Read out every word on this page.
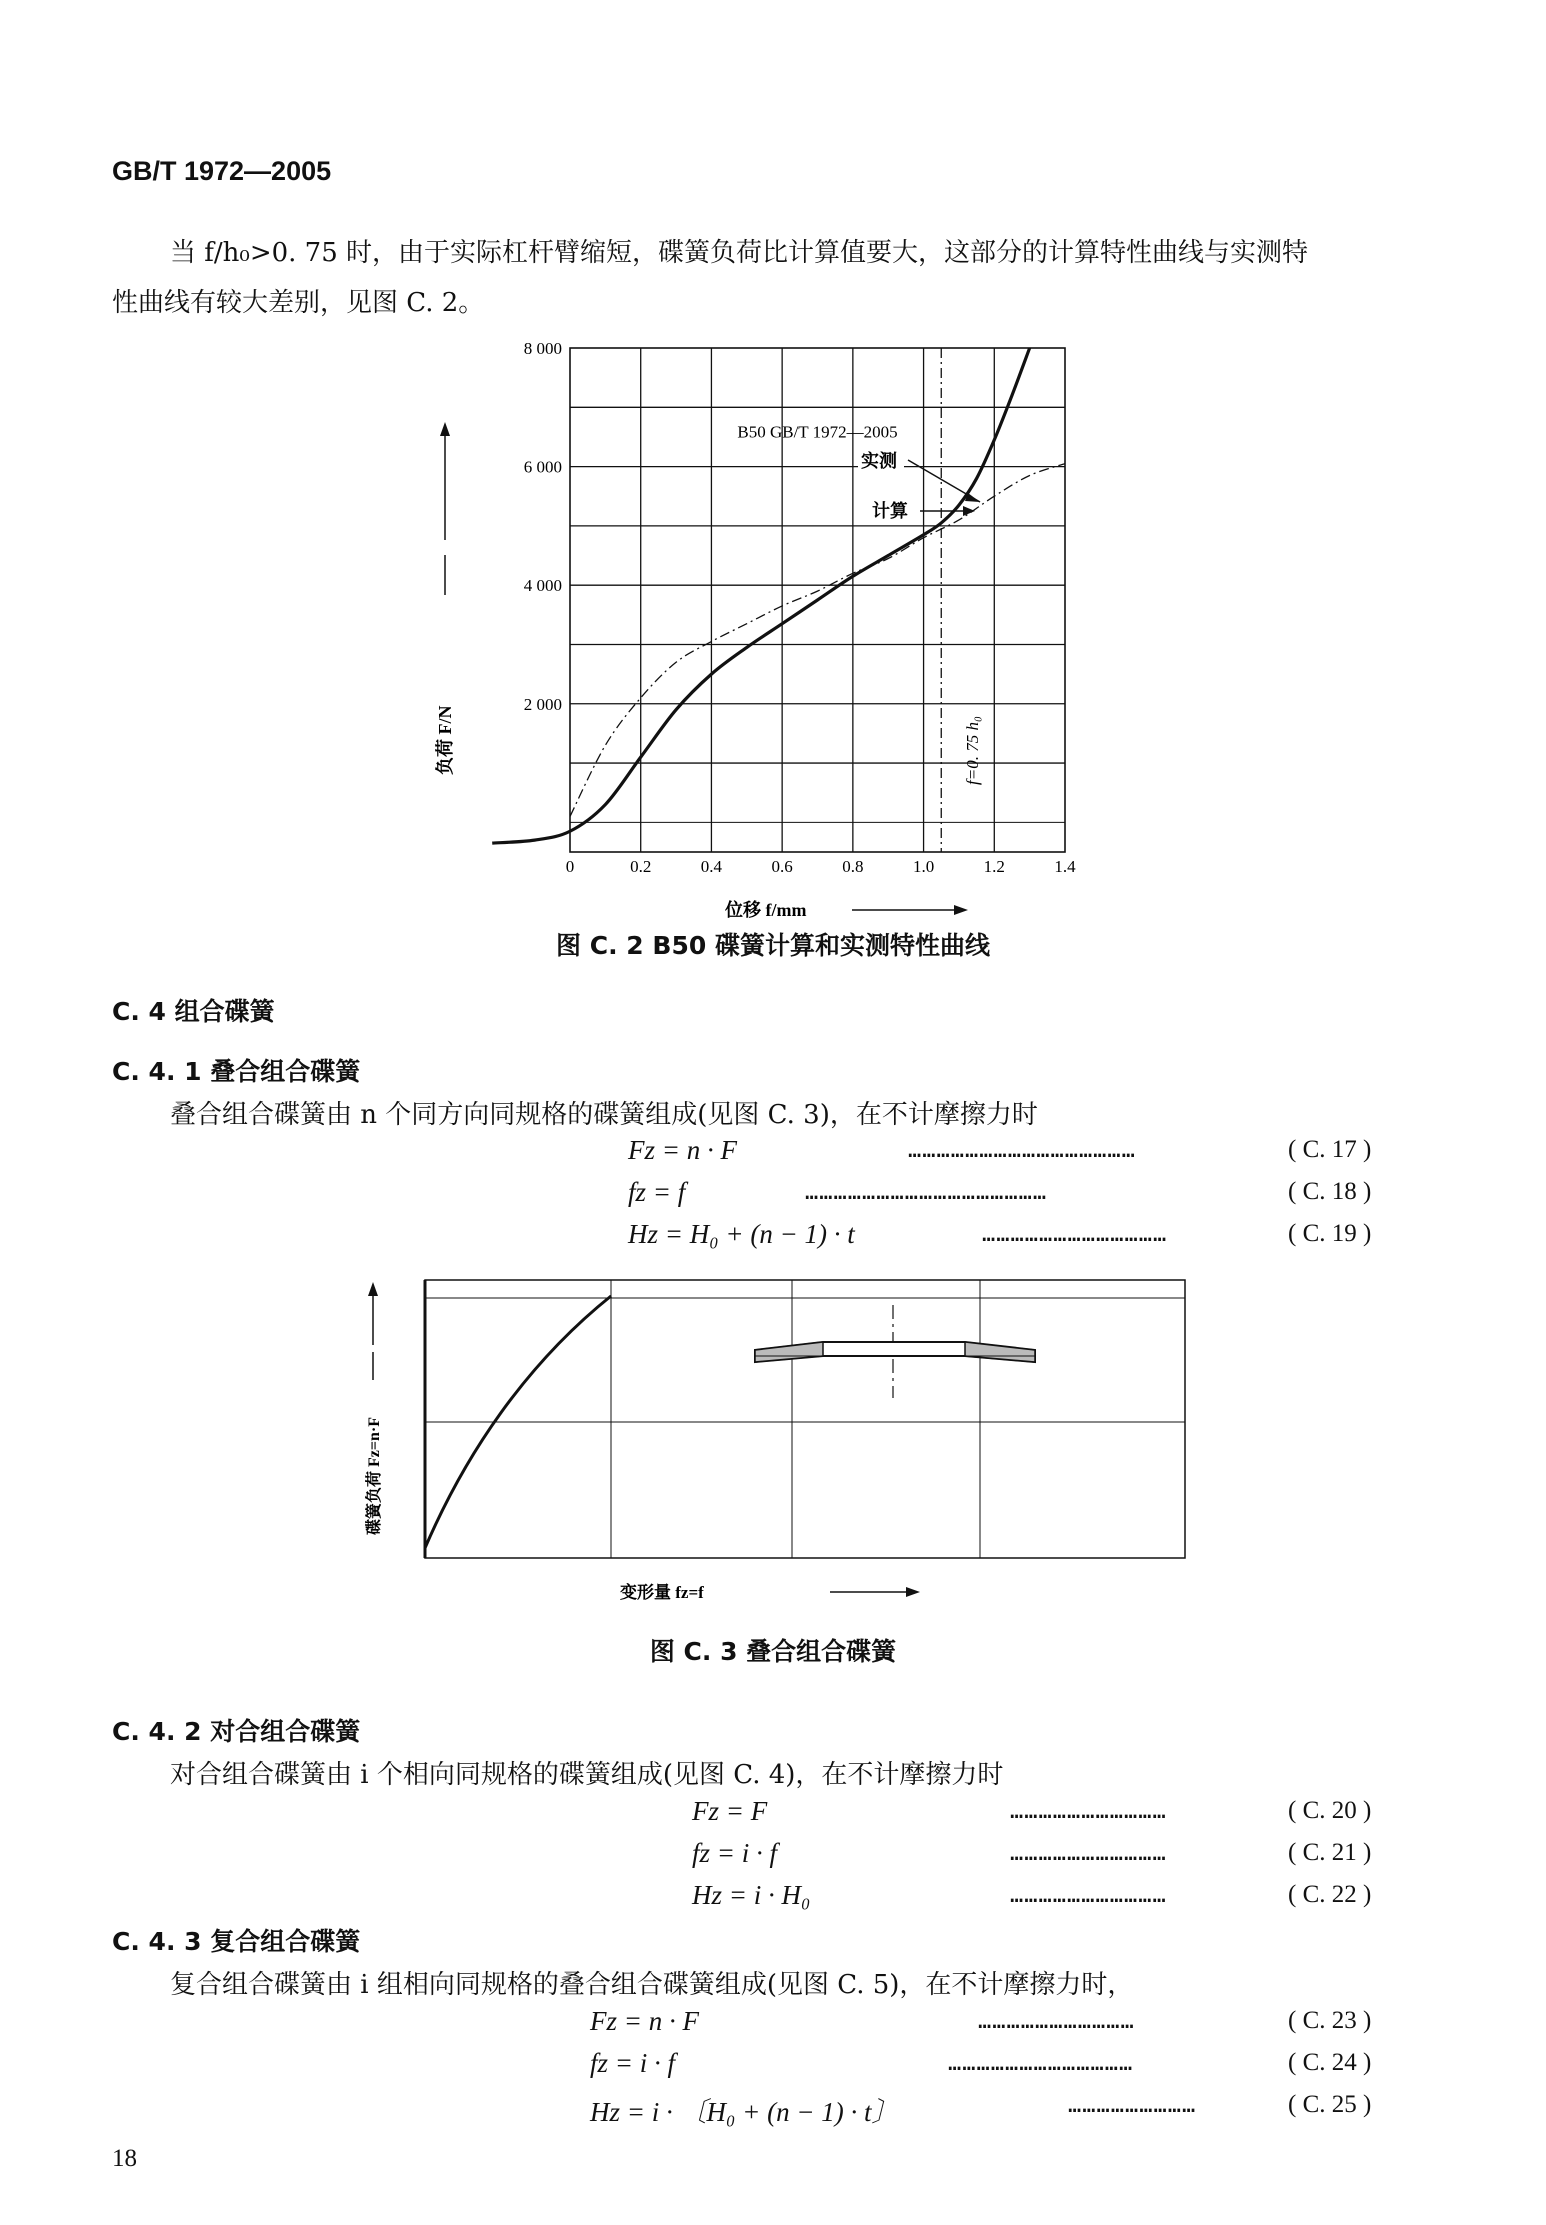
GB/T 1972—2005
当 f/h₀>0. 75 时，由于实际杠杆臂缩短，碟簧负荷比计算值要大，这部分的计算特性曲线与实测特
性曲线有较大差别，见图 C. 2。
0	0.2	0.4	0.6	0.8	1.0	1.2	1.4
8 000
6 000
4 000
2 000
B50 GB/T 1972—2005
实测
计算
f=0. 75 h₀
负荷 F/N
位移 f/mm
图 C. 2 B50 碟簧计算和实测特性曲线
C. 4 组合碟簧
C. 4. 1 叠合组合碟簧
叠合组合碟簧由 n 个同方向同规格的碟簧组成(见图 C. 3)，在不计摩擦力时
Fz = n · F	…………………………………………	( C. 17 )
fz = f	……………………………………………	( C. 18 )
Hz = H₀ + (n − 1) · t	…………………………………	( C. 19 )
碟簧负荷 Fz=n·F
变形量 fz=f
图 C. 3 叠合组合碟簧
C. 4. 2 对合组合碟簧
对合组合碟簧由 i 个相向同规格的碟簧组成(见图 C. 4)，在不计摩擦力时
Fz = F	……………………………	( C. 20 )
fz = i · f	……………………………	( C. 21 )
Hz = i · H₀	……………………………	( C. 22 )
C. 4. 3 复合组合碟簧
复合组合碟簧由 i 组相向同规格的叠合组合碟簧组成(见图 C. 5)，在不计摩擦力时，
Fz = n · F	……………………………	( C. 23 )
fz = i · f	…………………………………	( C. 24 )
Hz = i · 〔H₀ + (n − 1) · t〕	………………………	( C. 25 )
18
